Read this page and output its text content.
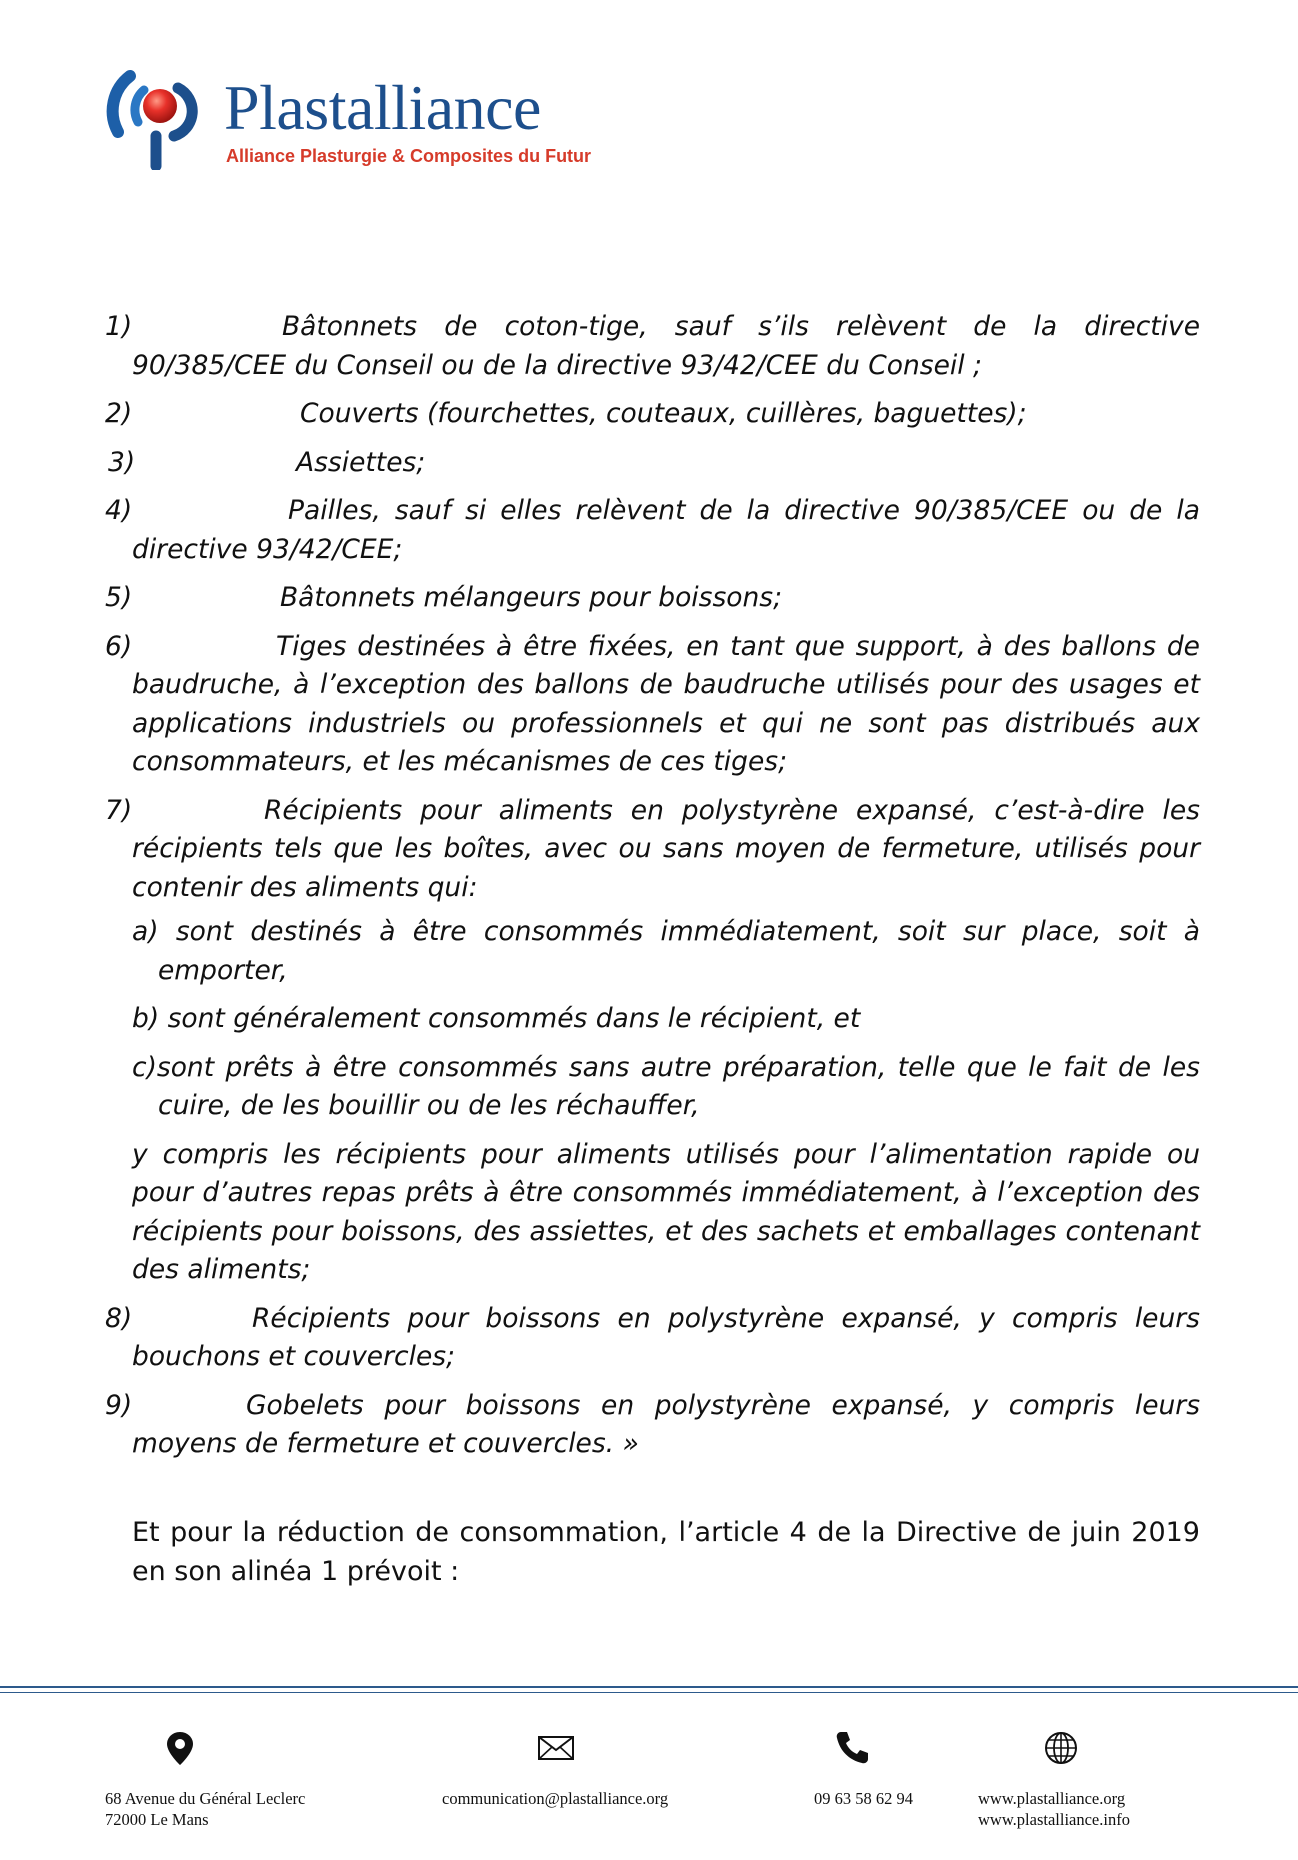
Plastalliance
Alliance Plasturgie & Composites du Futur
1)	Bâtonnets de coton-tige, sauf s’ils relèvent de la directive 90/385/CEE du Conseil ou de la directive 93/42/CEE du Conseil ;
2)	Couverts (fourchettes, couteaux, cuillères, baguettes);
3)	Assiettes;
4)	Pailles, sauf si elles relèvent de la directive 90/385/CEE ou de la directive 93/42/CEE;
5)	Bâtonnets mélangeurs pour boissons;
6)	Tiges destinées à être fixées, en tant que support, à des ballons de baudruche, à l’exception des ballons de baudruche utilisés pour des usages et applications industriels ou professionnels et qui ne sont pas distribués aux consommateurs, et les mécanismes de ces tiges;
7)	Récipients pour aliments en polystyrène expansé, c’est-à-dire les récipients tels que les boîtes, avec ou sans moyen de fermeture, utilisés pour contenir des aliments qui:
a) sont destinés à être consommés immédiatement, soit sur place, soit à emporter,
b) sont généralement consommés dans le récipient, et
c)sont prêts à être consommés sans autre préparation, telle que le fait de les cuire, de les bouillir ou de les réchauffer,
y compris les récipients pour aliments utilisés pour l’alimentation rapide ou pour d’autres repas prêts à être consommés immédiatement, à l’exception des récipients pour boissons, des assiettes, et des sachets et emballages contenant des aliments;
8)	Récipients pour boissons en polystyrène expansé, y compris leurs bouchons et couvercles;
9)	Gobelets pour boissons en polystyrène expansé, y compris leurs moyens de fermeture et couvercles. »
Et pour la réduction de consommation, l’article 4 de la Directive de juin 2019 en son alinéa 1 prévoit :
68 Avenue du Général Leclerc
72000 Le Mans
communication@plastalliance.org	09 63 58 62 94	www.plastalliance.org
www.plastalliance.info
